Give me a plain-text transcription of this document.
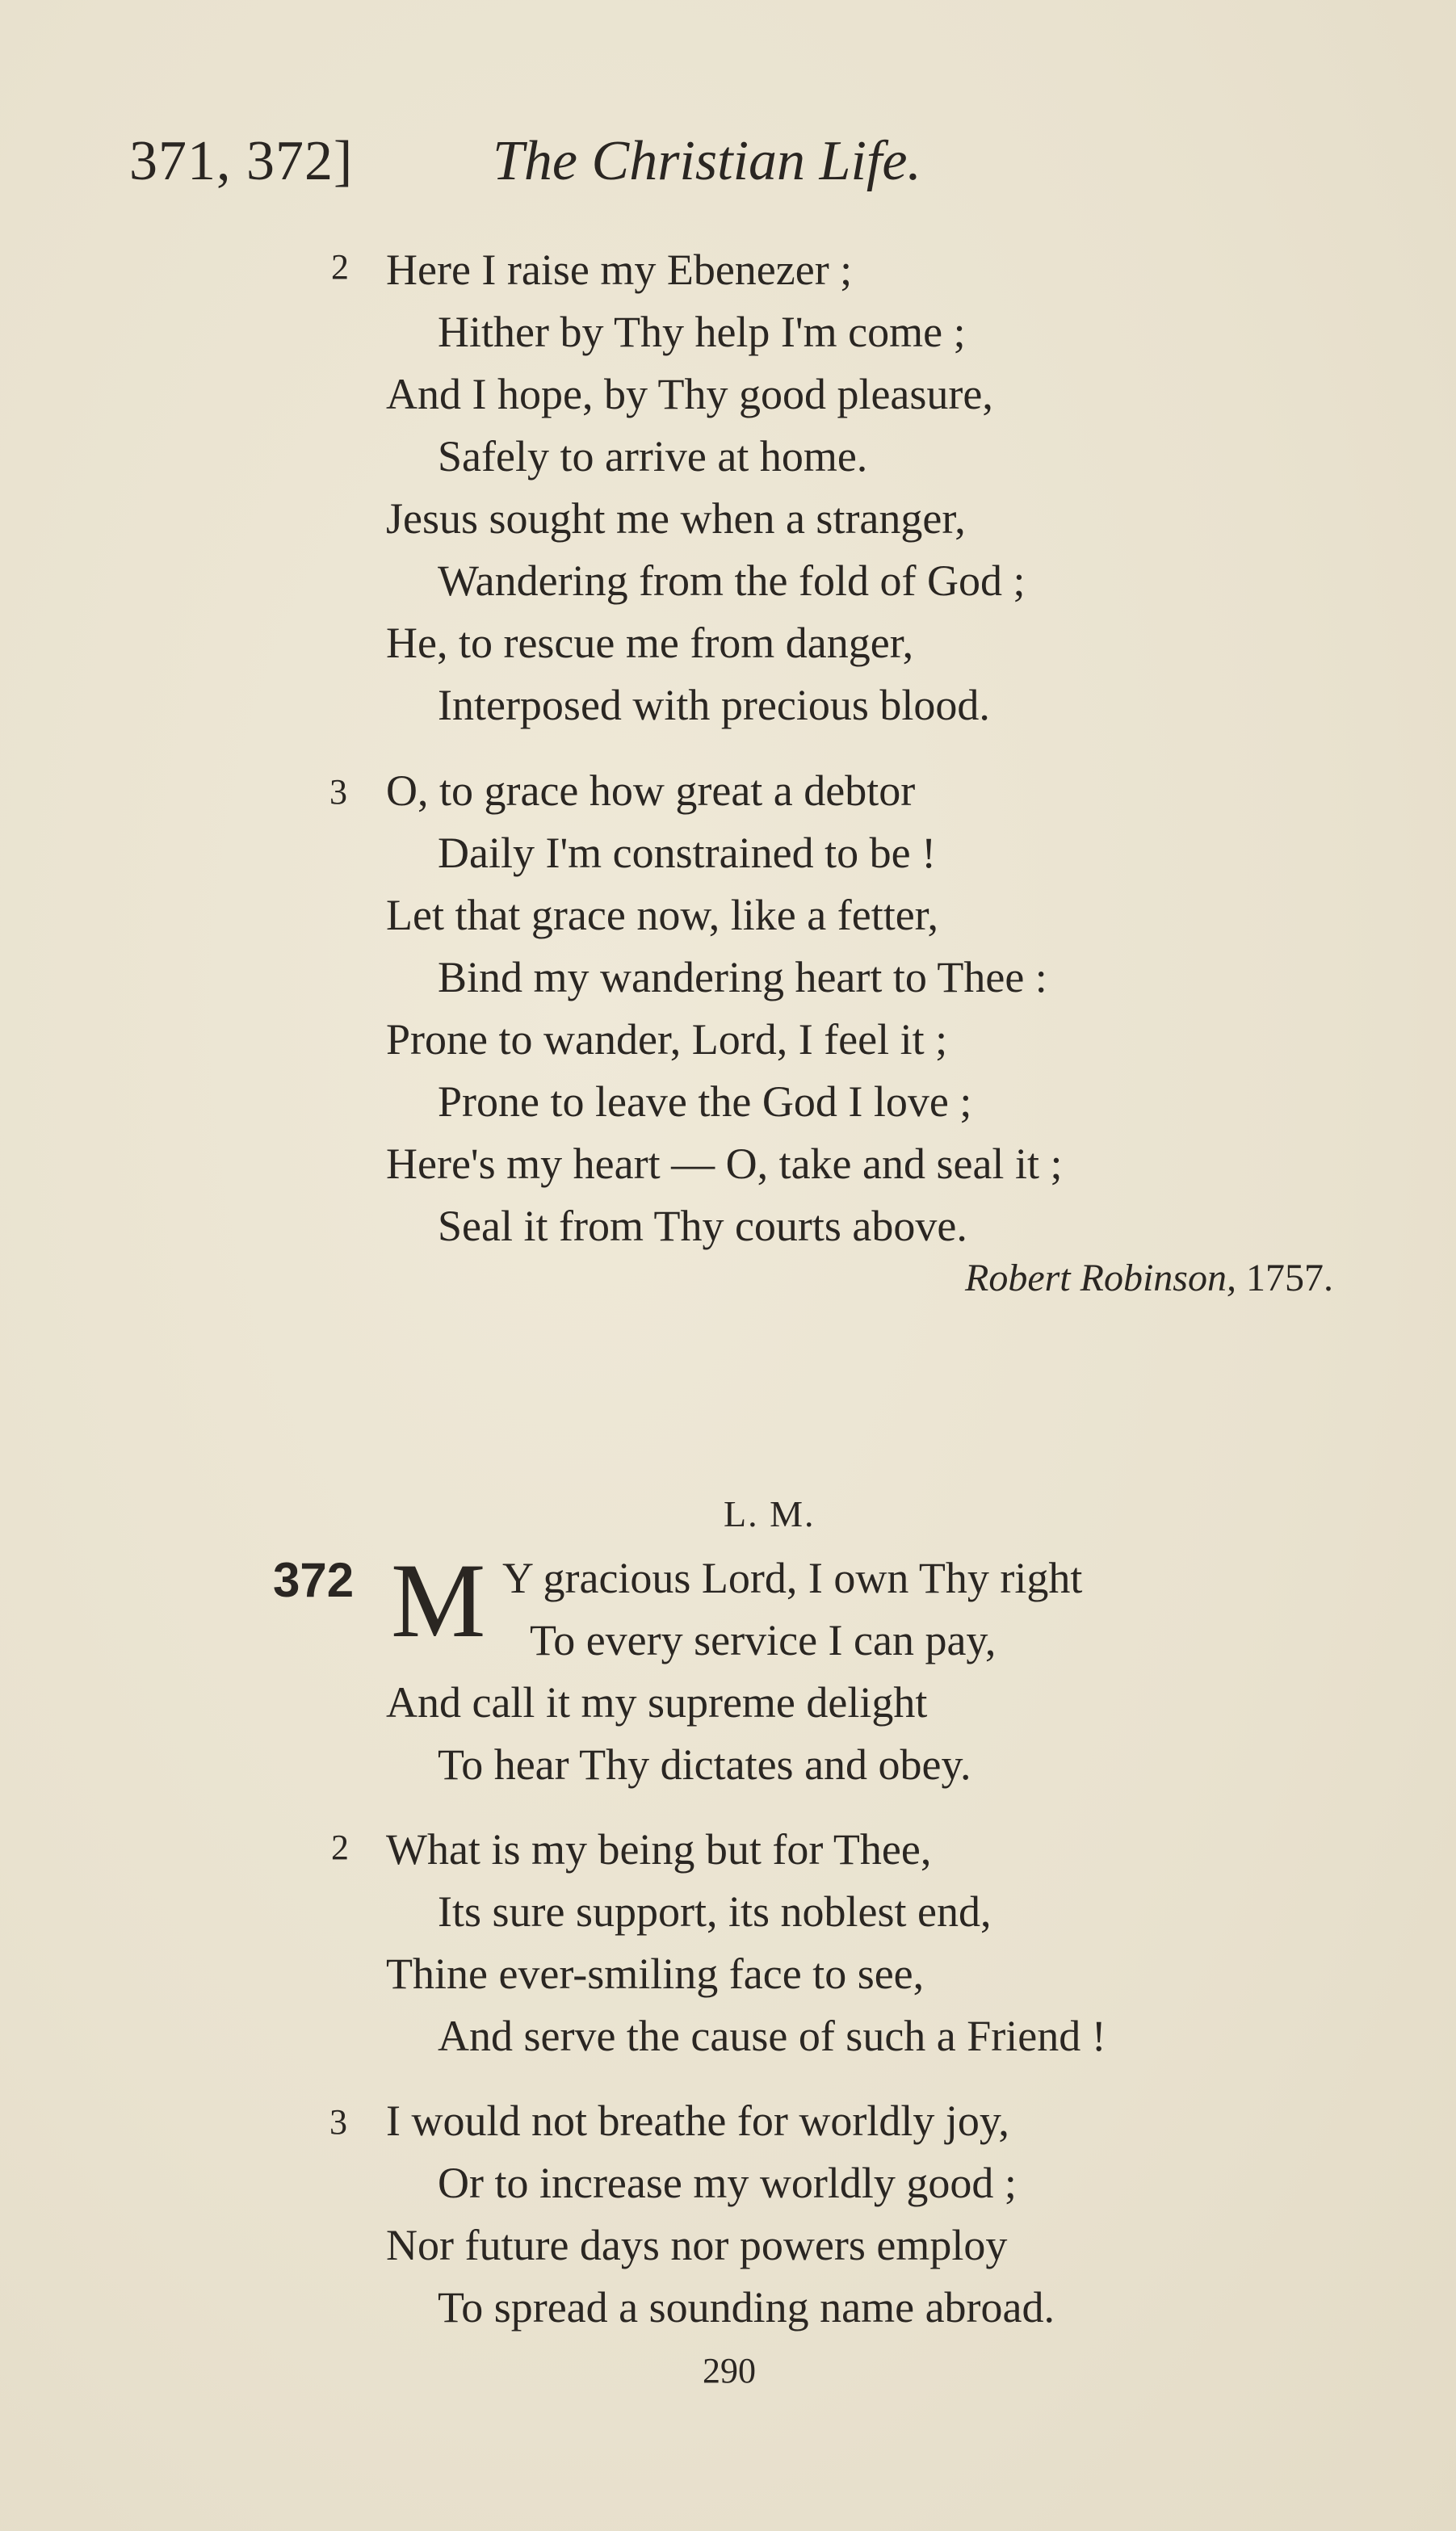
371, 372] The Christian Life.
2 Here I raise my Ebenezer ;
Hither by Thy help I'm come ;
And I hope, by Thy good pleasure,
Safely to arrive at home.
Jesus sought me when a stranger,
Wandering from the fold of God ;
He, to rescue me from danger,
Interposed with precious blood.
3 O, to grace how great a debtor
Daily I'm constrained to be !
Let that grace now, like a fetter,
Bind my wandering heart to Thee :
Prone to wander, Lord, I feel it ;
Prone to leave the God I love ;
Here's my heart — O, take and seal it ;
Seal it from Thy courts above.
Robert Robinson, 1757.
L. M.
372 M Y gracious Lord, I own Thy right
To every service I can pay,
And call it my supreme delight
To hear Thy dictates and obey.
2 What is my being but for Thee,
Its sure support, its noblest end,
Thine ever-smiling face to see,
And serve the cause of such a Friend !
3 I would not breathe for worldly joy,
Or to increase my worldly good ;
Nor future days nor powers employ
To spread a sounding name abroad.
290
